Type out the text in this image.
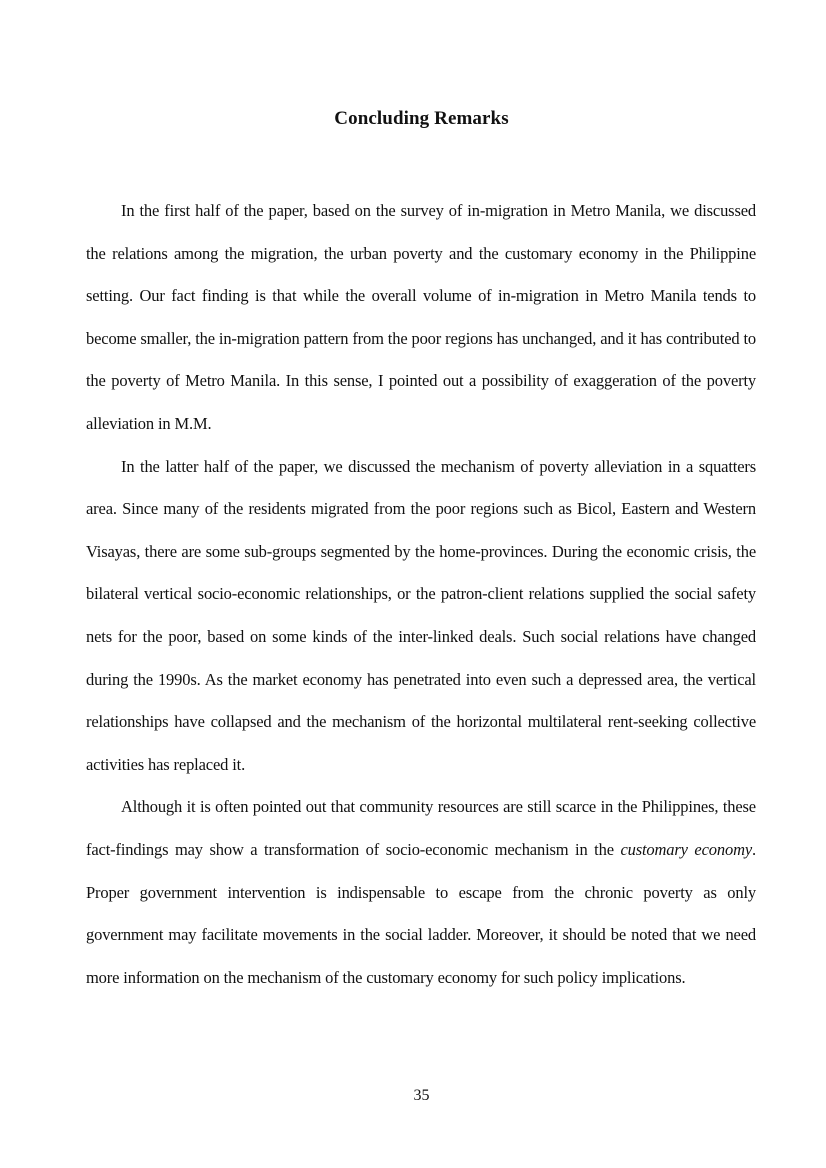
Concluding Remarks

In the first half of the paper, based on the survey of in-migration in Metro Manila, we discussed the relations among the migration, the urban poverty and the customary economy in the Philippine setting. Our fact finding is that while the overall volume of in-migration in Metro Manila tends to become smaller, the in-migration pattern from the poor regions has unchanged, and it has contributed to the poverty of Metro Manila. In this sense, I pointed out a possibility of exaggeration of the poverty alleviation in M.M.

In the latter half of the paper, we discussed the mechanism of poverty alleviation in a squatters area. Since many of the residents migrated from the poor regions such as Bicol, Eastern and Western Visayas, there are some sub-groups segmented by the home-provinces. During the economic crisis, the bilateral vertical socio-economic relationships, or the patron-client relations supplied the social safety nets for the poor, based on some kinds of the inter-linked deals. Such social relations have changed during the 1990s. As the market economy has penetrated into even such a depressed area, the vertical relationships have collapsed and the mechanism of the horizontal multilateral rent-seeking collective activities has replaced it.

Although it is often pointed out that community resources are still scarce in the Philippines, these fact-findings may show a transformation of socio-economic mechanism in the customary economy. Proper government intervention is indispensable to escape from the chronic poverty as only government may facilitate movements in the social ladder. Moreover, it should be noted that we need more information on the mechanism of the customary economy for such policy implications.

35
